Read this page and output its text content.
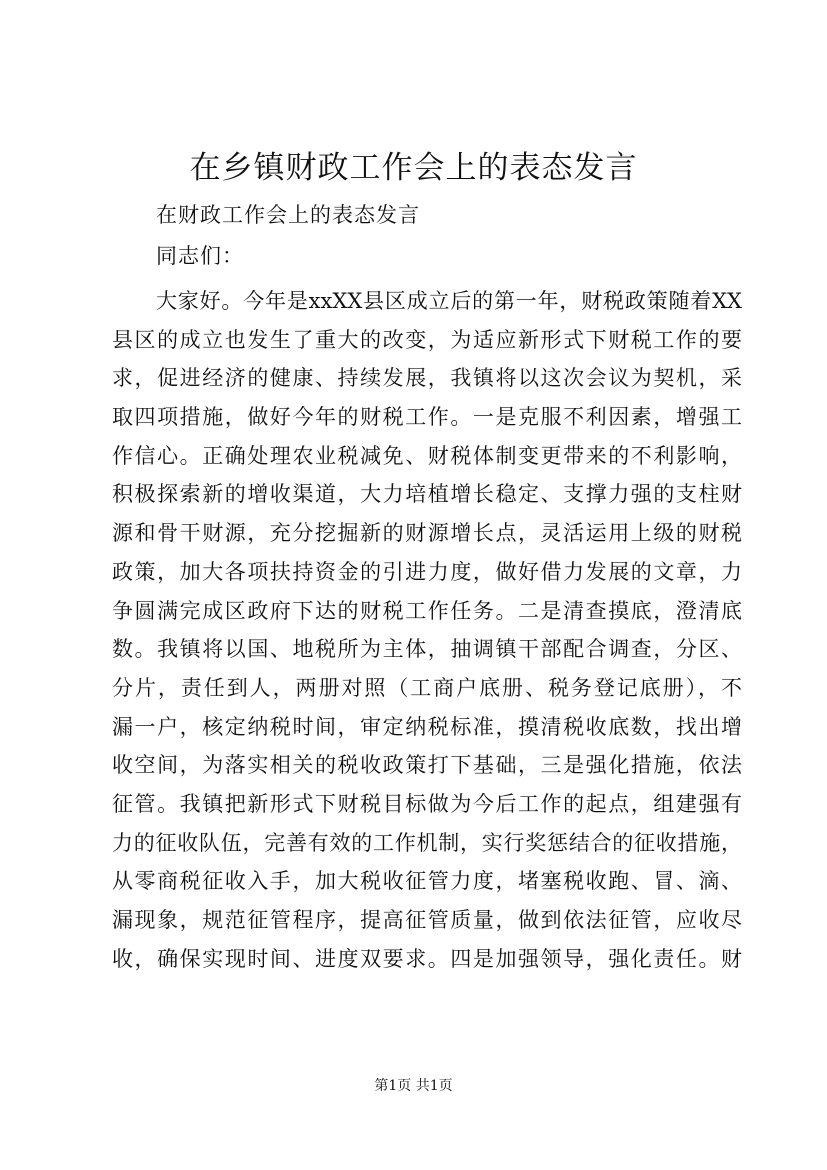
在乡镇财政工作会上的表态发言
在财政工作会上的表态发言
同志们：
大家好。今年是xxXX县区成立后的第一年，财税政策随着XX
县区的成立也发生了重大的改变，为适应新形式下财税工作的要
求，促进经济的健康、持续发展，我镇将以这次会议为契机，采
取四项措施，做好今年的财税工作。一是克服不利因素，增强工
作信心。正确处理农业税减免、财税体制变更带来的不利影响，
积极探索新的增收渠道，大力培植增长稳定、支撑力强的支柱财
源和骨干财源，充分挖掘新的财源增长点，灵活运用上级的财税
政策，加大各项扶持资金的引进力度，做好借力发展的文章，力
争圆满完成区政府下达的财税工作任务。二是清查摸底，澄清底
数。我镇将以国、地税所为主体，抽调镇干部配合调查，分区、
分片，责任到人，两册对照（工商户底册、税务登记底册），不
漏一户，核定纳税时间，审定纳税标准，摸清税收底数，找出增
收空间，为落实相关的税收政策打下基础，三是强化措施，依法
征管。我镇把新形式下财税目标做为今后工作的起点，组建强有
力的征收队伍，完善有效的工作机制，实行奖惩结合的征收措施，
从零商税征收入手，加大税收征管力度，堵塞税收跑、冒、滴、
漏现象，规范征管程序，提高征管质量，做到依法征管，应收尽
收，确保实现时间、进度双要求。四是加强领导，强化责任。财
第1页 共1页
